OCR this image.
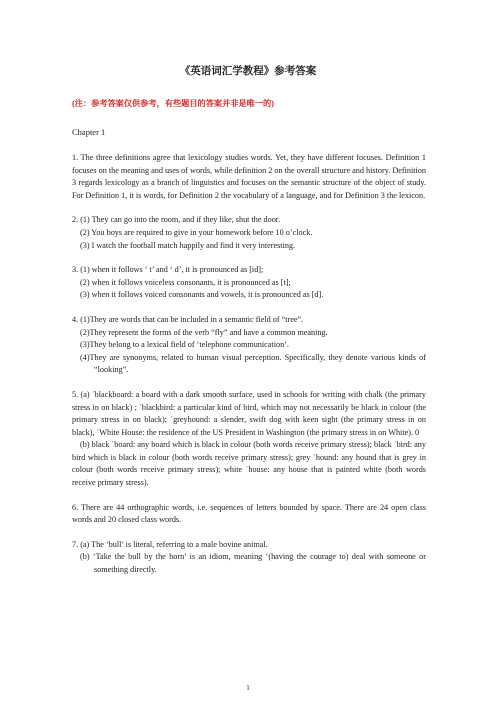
《英语词汇学教程》参考答案
(注：参考答案仅供参考，有些题目的答案并非是唯一的)
Chapter 1

1. The three definitions agree that lexicology studies words. Yet, they have different focuses. Definition 1 focuses on the meaning and uses of words, while definition 2 on the overall structure and history. Definition 3 regards lexicology as a branch of linguistics and focuses on the semantic structure of the object of study. For Definition 1, it is words, for Definition 2 the vocabulary of a language, and for Definition 3 the lexicon.

2. (1) They can go into the room, and if they like, shut the door.
(2) You boys are required to give in your homework before 10 o’clock.
(3) I watch the football match happily and find it very interesting.
3. (1) when it follows ‘ t’ and ‘ d’, it is pronounced as [id];
(2) when it follows voiceless consonants, it is pronounced as [t];
(3) when it follows voiced consonants and vowels, it is pronounced as [d].
4. (1)They are words that can be included in a semantic field of “tree”.
(2)They represent the forms of the verb “fly” and have a common meaning.
(3)They belong to a lexical field of ‘telephone communication’.
(4)They are synonyms, related to human visual perception. Specifically, they denote various kinds of “looking”.
5. (a) ˈblackboard: a board with a dark smooth surface, used in schools for writing with chalk (the primary stress in on black) ; ˈblackbird: a particular kind of bird, which may not necessarily be black in colour (the primary stress in on black); ˈgreyhound: a slender, swift dog with keen sight (the primary stress in on black), ˈWhite House: the residence of the US President in Washington (the primary stress in on White). 0
(b) black ˈboard: any board which is black in colour (both words receive primary stress); black ˈbird: any bird which is black in colour (both words receive primary stress); grey ˈhound: any hound that is grey in colour (both words receive primary stress); white ˈhouse: any house that is painted white (both words receive primary stress).

6. There are 44 orthographic words, i.e. sequences of letters bounded by space. There are 24 open class words and 20 closed class words.

7. (a) The ‘bull’ is literal, referring to a male bovine animal.
(b) ‘Take the bull by the horn’ is an idiom, meaning ‘(having the courage to) deal with someone or something directly.
1
